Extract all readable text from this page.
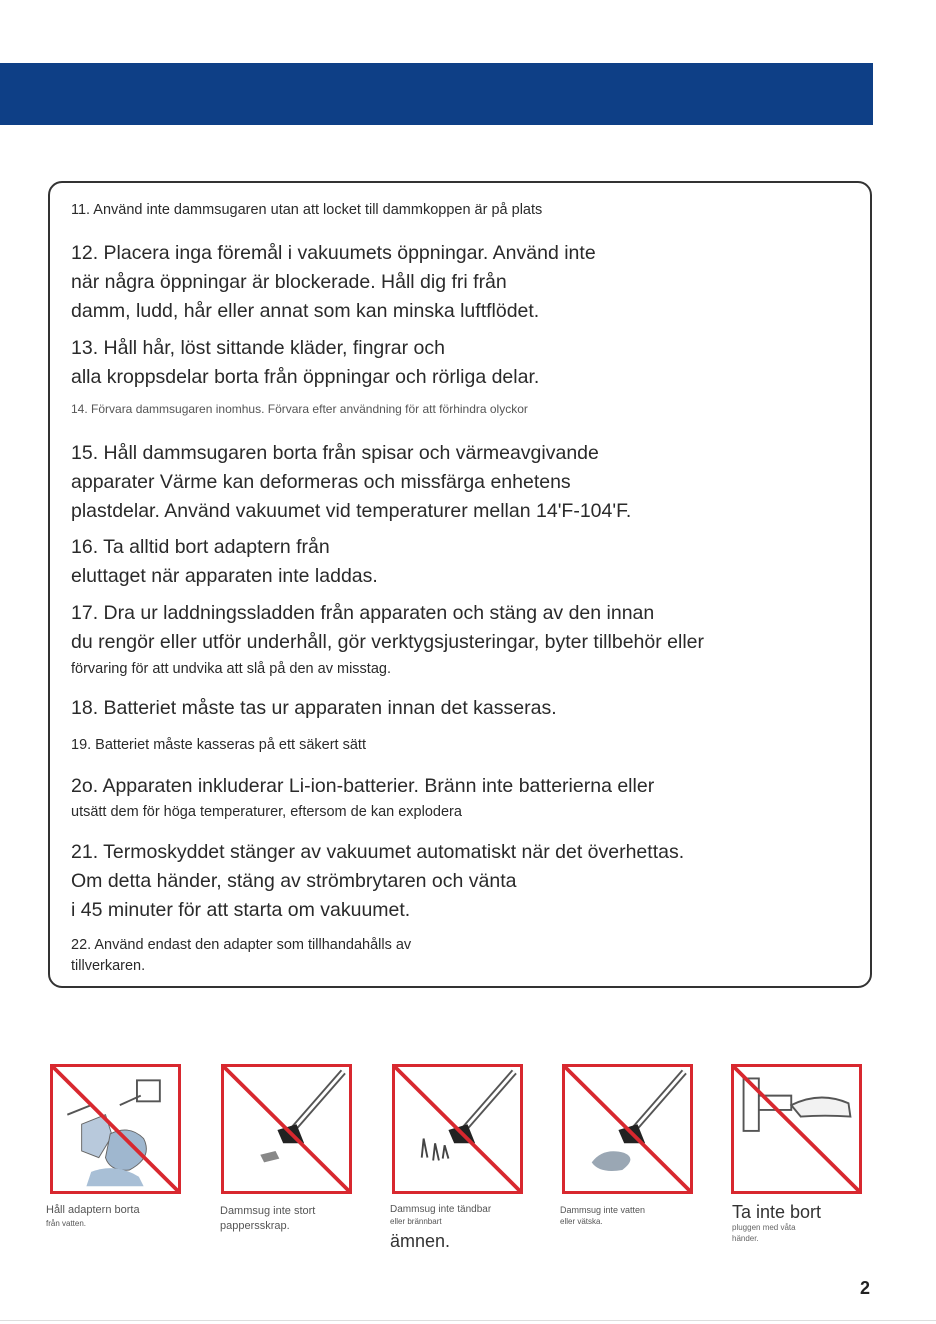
11. Använd inte dammsugaren utan att locket till dammkoppen är på plats

12. Placera inga föremål i vakuumets öppningar. Använd inte
när några öppningar är blockerade. Håll dig fri från
damm, ludd, hår eller annat som kan minska luftflödet.

13. Håll hår, löst sittande kläder, fingrar och
alla kroppsdelar borta från öppningar och rörliga delar.

14. Förvara dammsugaren inomhus. Förvara efter användning för att förhindra olyckor

15. Håll dammsugaren borta från spisar och värmeavgivande
apparater Värme kan deformeras och missfärga enhetens
plastdelar. Använd vakuumet vid temperaturer mellan 14'F-104'F.

16. Ta alltid bort adaptern från
eluttaget när apparaten inte laddas.

17. Dra ur laddningssladden från apparaten och stäng av den innan
du rengör eller utför underhåll, gör verktygsjusteringar, byter tillbehör eller
förvaring för att undvika att slå på den av misstag.

18. Batteriet måste tas ur apparaten innan det kasseras.

19. Batteriet måste kasseras på ett säkert sätt

2o. Apparaten inkluderar Li-ion-batterier. Bränn inte batterierna eller
utsätt dem för höga temperaturer, eftersom de kan explodera

21. Termoskyddet stänger av vakuumet automatiskt när det överhettas.
Om detta händer, stäng av strömbrytaren och vänta
i 45 minuter för att starta om vakuumet.

22. Använd endast den adapter som tillhandahålls av
tillverkaren.

Håll adaptern borta
från vatten.
Dammsug inte stort
pappersskrap.
Dammsug inte tändbar
eller brännbart
ämnen.
Dammsug inte vatten
eller vätska.	Ta inte bort
pluggen med våta
händer.
2
